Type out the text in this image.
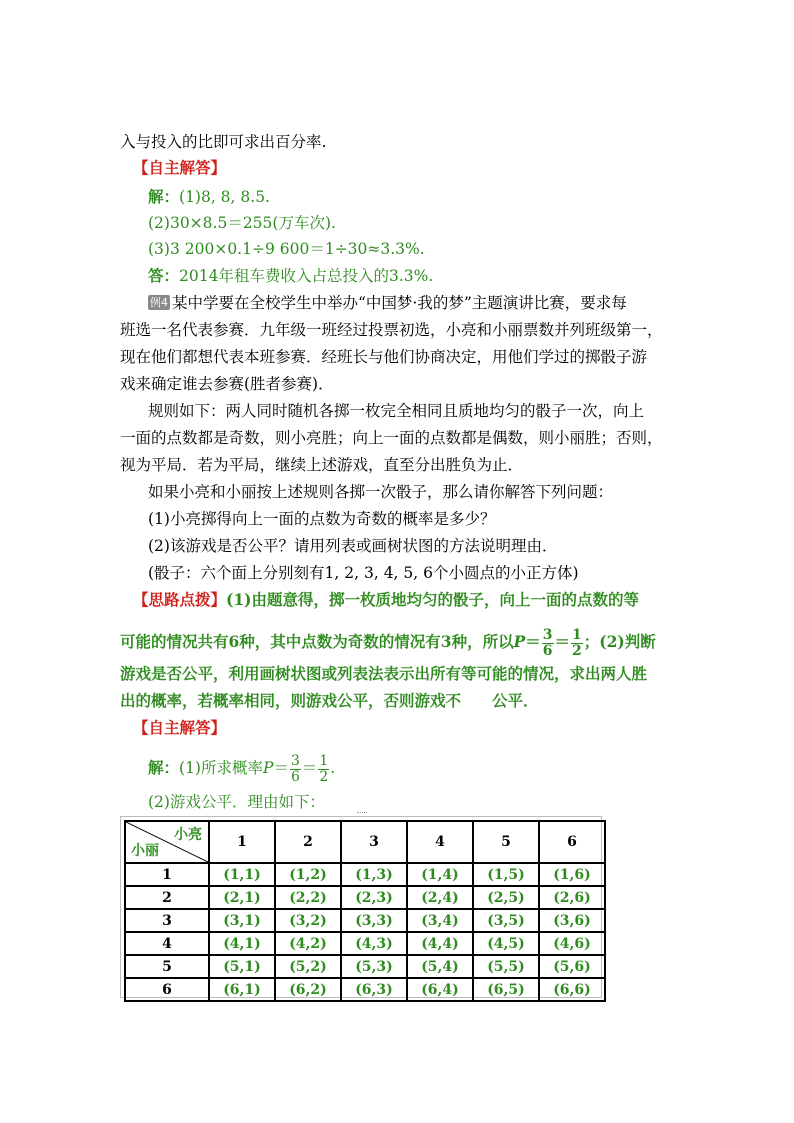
入与投入的比即可求出百分率.
【自主解答】
解：(1)8, 8, 8.5.
(2)30×8.5＝255(万车次).
(3)3 200×0.1÷9 600＝1÷30≈3.3%.
答：2014年租车费收入占总投入的3.3%.
例4 某中学要在全校学生中举办“中国梦·我的梦”主题演讲比赛，要求每
班选一名代表参赛．九年级一班经过投票初选，小亮和小丽票数并列班级第一，
现在他们都想代表本班参赛．经班长与他们协商决定，用他们学过的掷骰子游
戏来确定谁去参赛(胜者参赛)．
规则如下：两人同时随机各掷一枚完全相同且质地均匀的骰子一次，向上
一面的点数都是奇数，则小亮胜；向上一面的点数都是偶数，则小丽胜；否则，
视为平局．若为平局，继续上述游戏，直至分出胜负为止．
如果小亮和小丽按上述规则各掷一次骰子，那么请你解答下列问题：
(1)小亮掷得向上一面的点数为奇数的概率是多少？
(2)该游戏是否公平？请用列表或画树状图的方法说明理由．
(骰子：六个面上分别刻有1, 2, 3, 4, 5, 6个小圆点的小正方体)
【思路点拨】(1)由题意得，掷一枚质地均匀的骰子，向上一面的点数的等
可能的情况共有6种，其中点数为奇数的情况有3种，所以$P= \frac{3}{6} = \frac{1}{2}$ ；(2)判断
游戏是否公平，利用画树状图或列表法表示出所有等可能的情况，求出两人胜
出的概率，若概率相同，则游戏公平，否则游戏不　　公平．
【自主解答】
解：(1)所求概率$P= \frac{3}{6} = \frac{1}{2}$ .
(2)游戏公平．理由如下：
小亮
小丽	1	2	3	4	5	6
1	(1,1)	(1,2)	(1,3)	(1,4)	(1,5)	(1,6)
2	(2,1)	(2,2)	(2,3)	(2,4)	(2,5)	(2,6)
3	(3,1)	(3,2)	(3,3)	(3,4)	(3,5)	(3,6)
4	(4,1)	(4,2)	(4,3)	(4,4)	(4,5)	(4,6)
5	(5,1)	(5,2)	(5,3)	(5,4)	(5,5)	(5,6)
6	(6,1)	(6,2)	(6,3)	(6,4)	(6,5)	(6,6)
